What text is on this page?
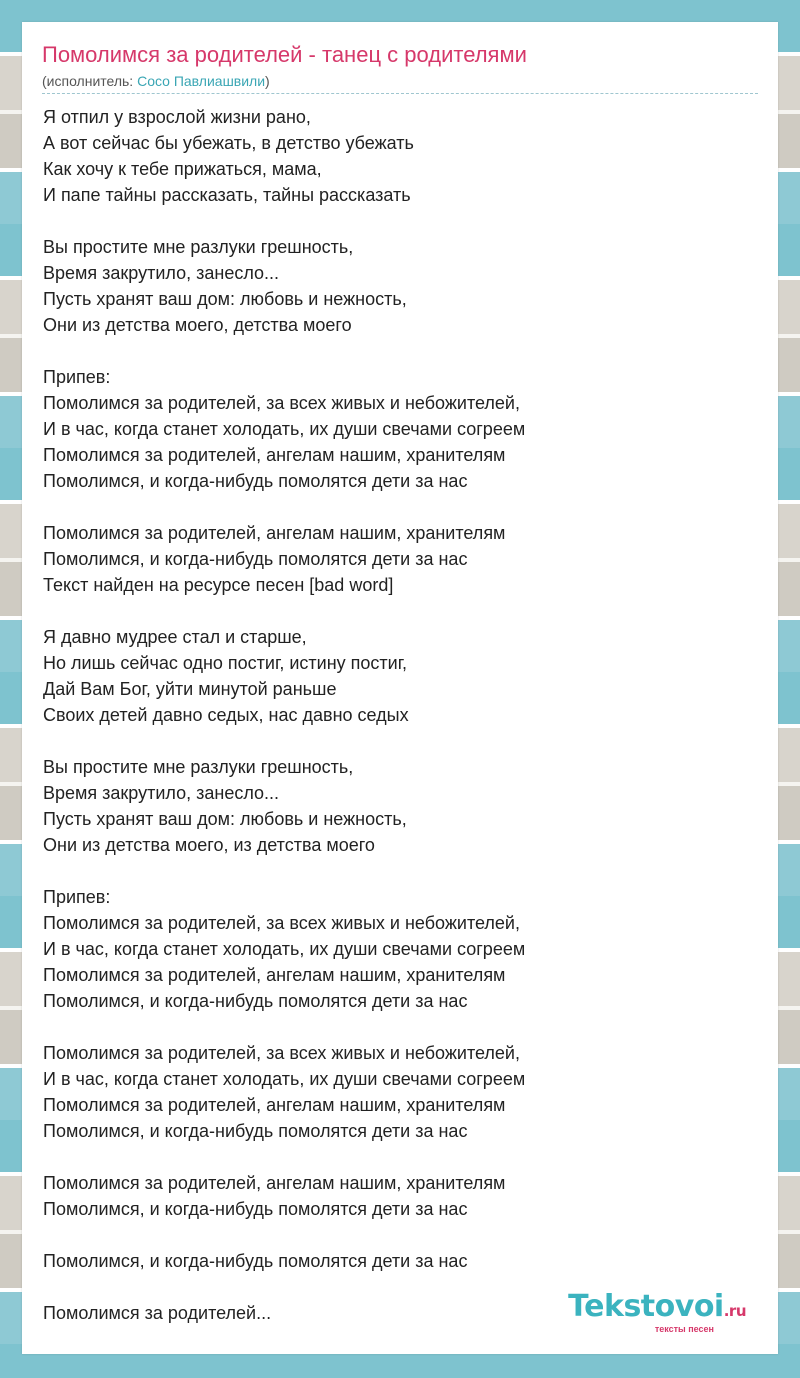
Помолимся за родителей - танец с родителями
(исполнитель: Сосо Павлиашвили)
Я отпил у взрослой жизни рано,
А вот сейчас бы убежать, в детство убежать
Как хочу к тебе прижаться, мама,
И папе тайны рассказать, тайны рассказать
Вы простите мне разлуки грешность,
Время закрутило, занесло...
Пусть хранят ваш дом: любовь и нежность,
Они из детства моего, детства моего
Припев:
Помолимся за родителей, за всех живых и небожителей,
И в час, когда станет холодать, их души свечами согреем
Помолимся за родителей, ангелам нашим, хранителям
Помолимся, и когда-нибудь помолятся дети за нас
Помолимся за родителей, ангелам нашим, хранителям
Помолимся, и когда-нибудь помолятся дети за нас
Текст найден на ресурсе песен [bad word]
Я давно мудрее стал и старше,
Но лишь сейчас одно постиг, истину постиг,
Дай Вам Бог, уйти минутой раньше
Своих детей давно седых, нас давно седых
Вы простите мне разлуки грешность,
Время закрутило, занесло...
Пусть хранят ваш дом: любовь и нежность,
Они из детства моего, из детства моего
Припев:
Помолимся за родителей, за всех живых и небожителей,
И в час, когда станет холодать, их души свечами согреем
Помолимся за родителей, ангелам нашим, хранителям
Помолимся, и когда-нибудь помолятся дети за нас
Помолимся за родителей, за всех живых и небожителей,
И в час, когда станет холодать, их души свечами согреем
Помолимся за родителей, ангелам нашим, хранителям
Помолимся, и когда-нибудь помолятся дети за нас
Помолимся за родителей, ангелам нашим, хранителям
Помолимся, и когда-нибудь помолятся дети за нас
Помолимся, и когда-нибудь помолятся дети за нас
Помолимся за родителей...	Tekstovoi.ru
тексты песен
